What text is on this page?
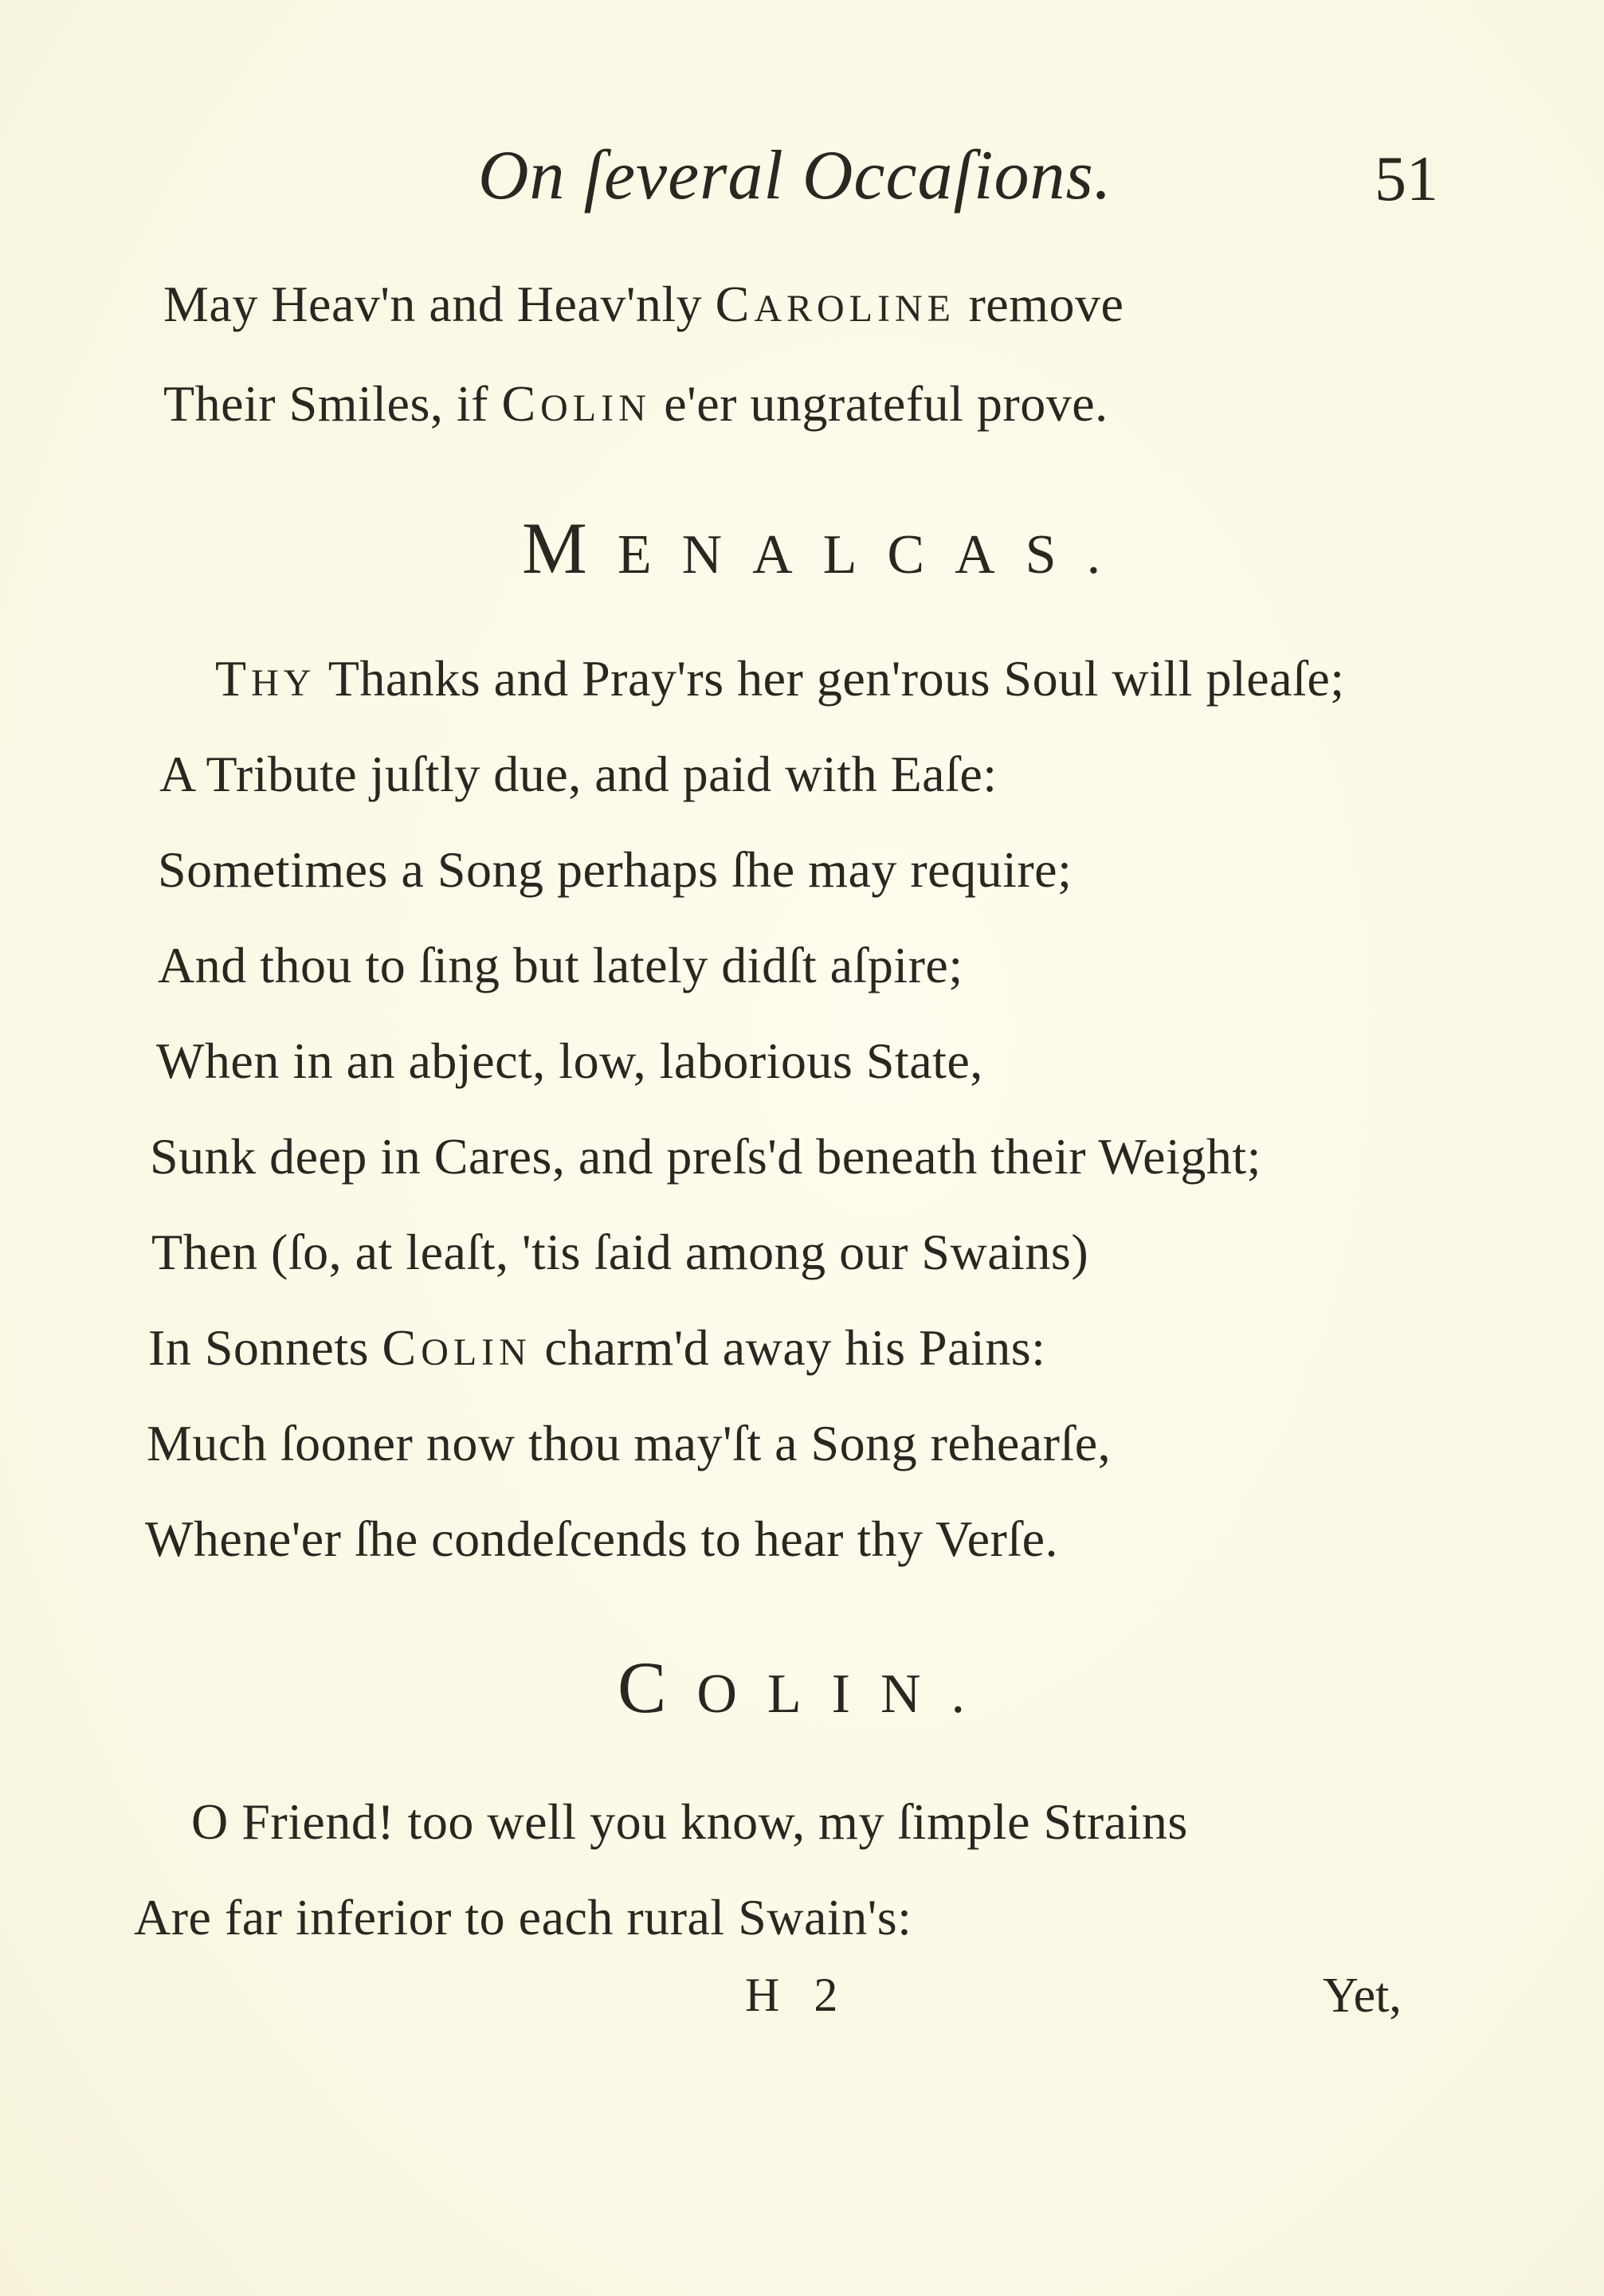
On ſeveral Occaſions.	51
May Heav'n and Heav'nly CAROLINE remove
Their Smiles, if COLIN e'er ungrateful prove.
MENALCAS.
THY Thanks and Pray'rs her gen'rous Soul will pleaſe;
A Tribute juſtly due, and paid with Eaſe:
Sometimes a Song perhaps ſhe may require;
And thou to ſing but lately didſt aſpire;
When in an abject, low, laborious State,
Sunk deep in Cares, and preſs'd beneath their Weight;
Then (ſo, at leaſt, 'tis ſaid among our Swains)
In Sonnets COLIN charm'd away his Pains:
Much ſooner now thou may'ſt a Song rehearſe,
Whene'er ſhe condeſcends to hear thy Verſe.
COLIN.
O Friend! too well you know, my ſimple Strains
Are far inferior to each rural Swain's:
H 2	Yet,
